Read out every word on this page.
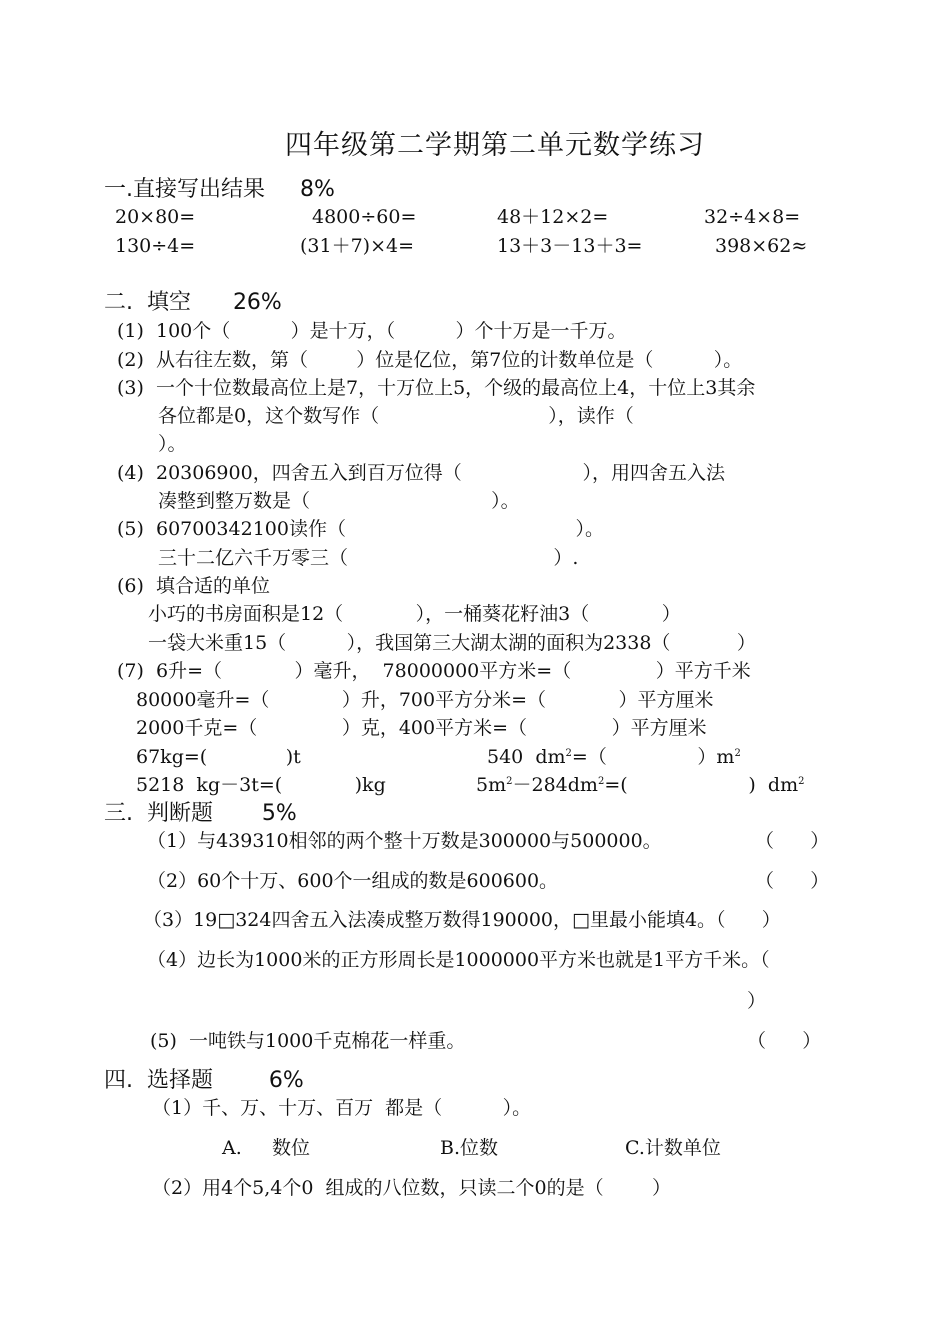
四年级第二学期第二单元数学练习
一.直接写出结果     8%
20×80=	4800÷60=	48＋12×2=	32÷4×8=
130÷4=	(31＋7)×4=	13＋3－13＋3=	398×62≈
二.  填空      26%
(1)  100个（          ）是十万，（          ）个十万是一千万。
(2)  从右往左数，第（        ）位是亿位，第7位的计数单位是（          ）。
(3)  一个十位数最高位上是7，十万位上5，个级的最高位上4，十位上3其余
各位都是0，这个数写作（                            ），读作（
）。
(4)  20306900，四舍五入到百万位得（                    ），用四舍五入法
凑整到整万数是（                              ）。
(5)  60700342100读作（                                      ）。
三十二亿六千万零三（                                  ）.
(6)  填合适的单位
小巧的书房面积是12（            ），一桶葵花籽油3（            ）
一袋大米重15（          ），我国第三大湖太湖的面积为2338（           ）
(7)  6升=（            ）毫升，  78000000平方米=（              ）平方千米
80000毫升=（            ）升，700平方分米=（            ）平方厘米
2000千克=（              ）克，400平方米=（              ）平方厘米
67kg=(             )t	540  $dm^2=$（               ）$m^2$
5218  kg－3t=(            )kg	$5m^2-284dm^2=$(                    )  $dm^2$
三.  判断题       5%
（1）与439310相邻的两个整十万数是300000与500000。	（      ）
（2）60个十万、600个一组成的数是600600。	（      ）
（3）19□324四舍五入法凑成整万数得190000，□里最小能填4。（      ）
（4）边长为1000米的正方形周长是1000000平方米也就是1平方千米。（
）
(5)  一吨铁与1000千克棉花一样重。	（      ）
四.  选择题        6%
（1）千、万、十万、百万  都是（          ）。
A.     数位	B.位数	C.计数单位
（2）用4个5,4个0  组成的八位数，只读二个0的是（        ）
